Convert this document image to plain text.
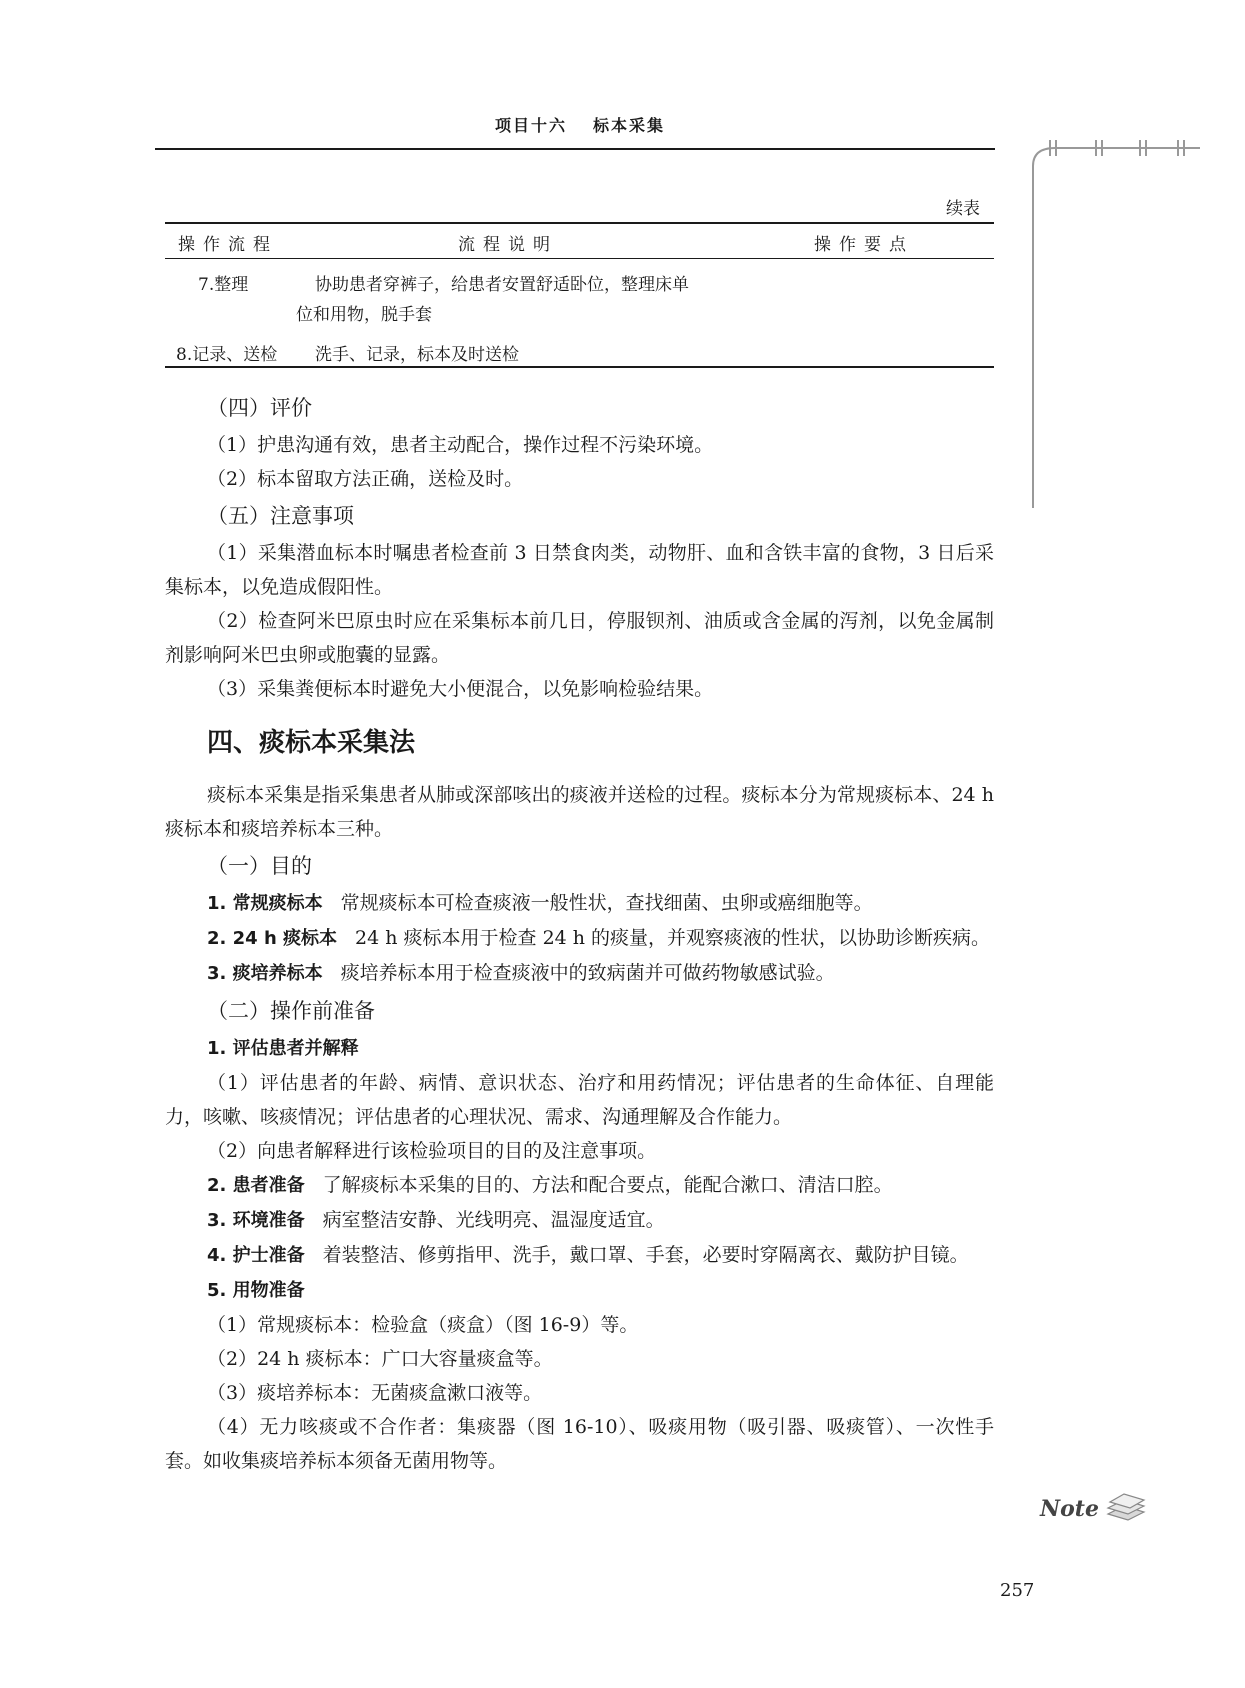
项目十六 标本采集
续表
操作流程	流程说明	操作要点
7.整理	协助患者穿裤子，给患者安置舒适卧位，整理床单
位和用物，脱手套
8.记录、送检 洗手、记录，标本及时送检

（四）评价

（1）护患沟通有效，患者主动配合，操作过程不污染环境。

（2）标本留取方法正确，送检及时。

（五）注意事项

（1）采集潜血标本时嘱患者检查前 3 日禁食肉类，动物肝、血和含铁丰富的食物，3 日后采集标本，以免造成假阳性。

（2）检查阿米巴原虫时应在采集标本前几日，停服钡剂、油质或含金属的泻剂，以免金属制剂影响阿米巴虫卵或胞囊的显露。

（3）采集粪便标本时避免大小便混合，以免影响检验结果。

四、痰标本采集法

痰标本采集是指采集患者从肺或深部咳出的痰液并送检的过程。痰标本分为常规痰标本、24 h 痰标本和痰培养标本三种。

（一）目的

1. 常规痰标本 常规痰标本可检查痰液一般性状，查找细菌、虫卵或癌细胞等。

2. 24 h 痰标本 24 h 痰标本用于检查 24 h 的痰量，并观察痰液的性状，以协助诊断疾病。

3. 痰培养标本 痰培养标本用于检查痰液中的致病菌并可做药物敏感试验。

（二）操作前准备

1. 评估患者并解释

（1）评估患者的年龄、病情、意识状态、治疗和用药情况；评估患者的生命体征、自理能力，咳嗽、咳痰情况；评估患者的心理状况、需求、沟通理解及合作能力。

（2）向患者解释进行该检验项目的目的及注意事项。

2. 患者准备 了解痰标本采集的目的、方法和配合要点，能配合漱口、清洁口腔。

3. 环境准备 病室整洁安静、光线明亮、温湿度适宜。

4. 护士准备 着装整洁、修剪指甲、洗手，戴口罩、手套，必要时穿隔离衣、戴防护目镜。

5. 用物准备

（1）常规痰标本：检验盒（痰盒）（图 16-9）等。

（2）24 h 痰标本：广口大容量痰盒等。

（3）痰培养标本：无菌痰盒漱口液等。

（4）无力咳痰或不合作者：集痰器（图 16-10）、吸痰用物（吸引器、吸痰管）、一次性手套。如收集痰培养标本须备无菌用物等。

Note
257
